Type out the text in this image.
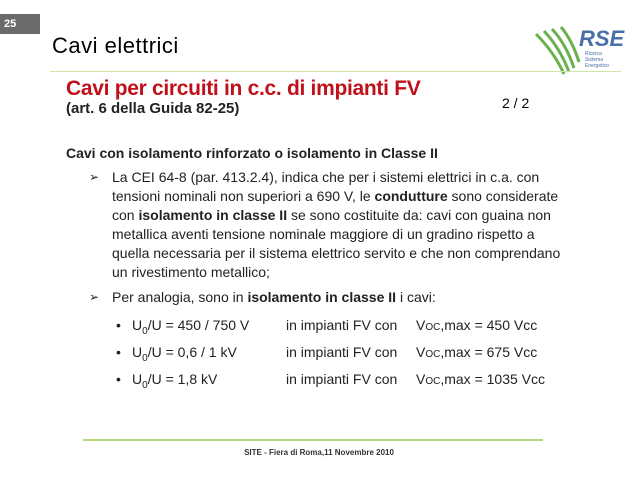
25
Cavi elettrici	RSE
Ricerca
Sistema
Energetico
Cavi per circuiti in c.c. di impianti FV
(art. 6 della Guida 82-25)	2 / 2
Cavi con isolamento rinforzato o isolamento in Classe II
➢ La CEI 64-8 (par. 413.2.4), indica che per i sistemi elettrici in c.a. con tensioni nominali non superiori a 690 V, le condutture sono considerate con isolamento in classe II se sono costituite da: cavi con guaina non metallica aventi tensione nominale maggiore di un gradino rispetto a quella necessaria per il sistema elettrico servito e che non comprendano un rivestimento metallico;
➢ Per analogia, sono in isolamento in classe II i cavi:
• $U_0/U = 450 / 750$ V	in impianti FV con VOC,max = 450 Vcc
• $U_0/U = 0,6 / 1$ kV	in impianti FV con VOC,max = 675 Vcc
• $U_0/U = 1,8$ kV	in impianti FV con VOC,max = 1035 Vcc
SITE - Fiera di Roma,11 Novembre 2010
